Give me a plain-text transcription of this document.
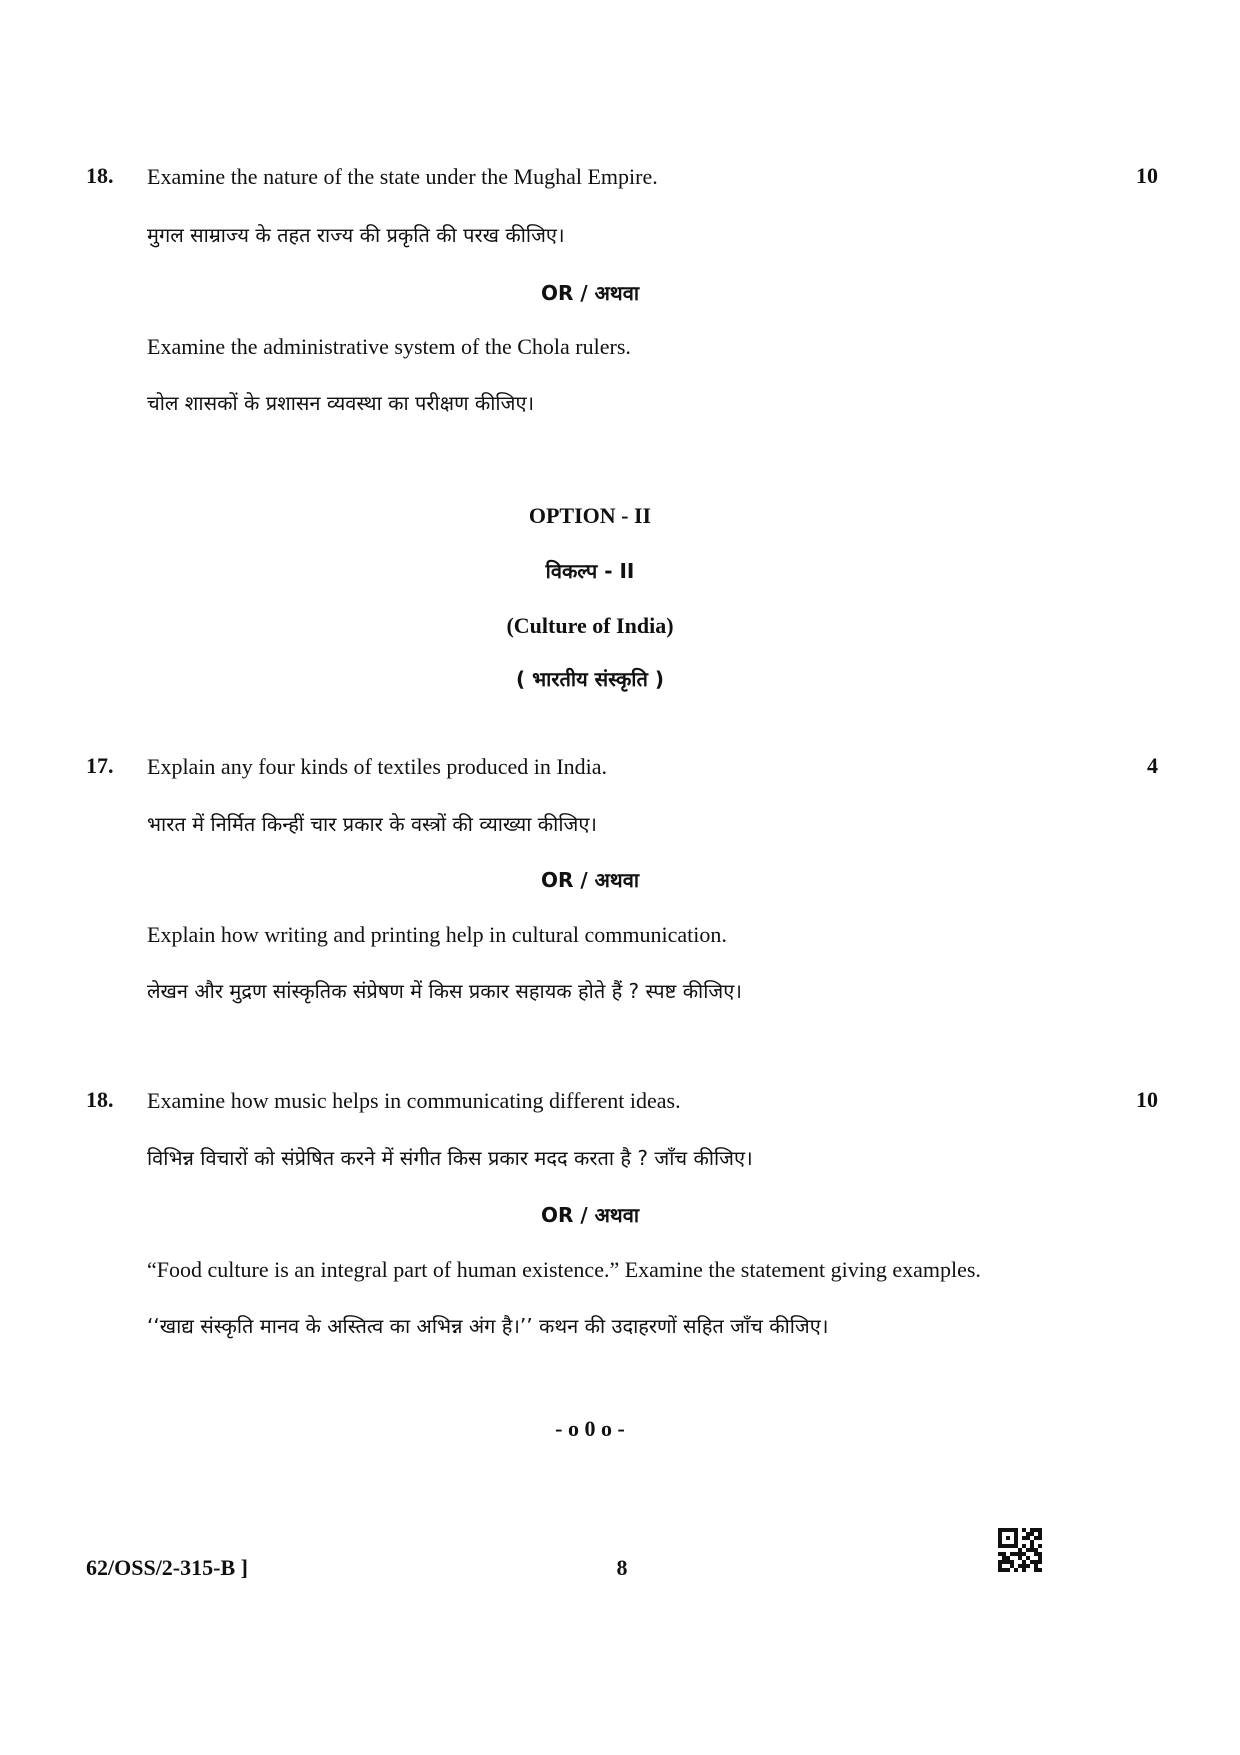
18. Examine the nature of the state under the Mughal Empire.	10
मुगल साम्राज्य के तहत राज्य की प्रकृति की परख कीजिए।
OR / अथवा
Examine the administrative system of the Chola rulers.
चोल शासकों के प्रशासन व्यवस्था का परीक्षण कीजिए।
OPTION - II
विकल्प - II
(Culture of India)
( भारतीय संस्कृति )
17. Explain any four kinds of textiles produced in India.	4
भारत में निर्मित किन्हीं चार प्रकार के वस्त्रों की व्याख्या कीजिए।
OR / अथवा
Explain how writing and printing help in cultural communication.
लेखन और मुद्रण सांस्कृतिक संप्रेषण में किस प्रकार सहायक होते हैं ? स्पष्ट कीजिए।
18. Examine how music helps in communicating different ideas.	10
विभिन्न विचारों को संप्रेषित करने में संगीत किस प्रकार मदद करता है ? जाँच कीजिए।
OR / अथवा
“Food culture is an integral part of human existence.” Examine the statement giving examples.
‘‘खाद्य संस्कृति मानव के अस्तित्व का अभिन्न अंग है।’’ कथन की उदाहरणों सहित जाँच कीजिए।
- o 0 o -
62/OSS/2-315-B ]	8
